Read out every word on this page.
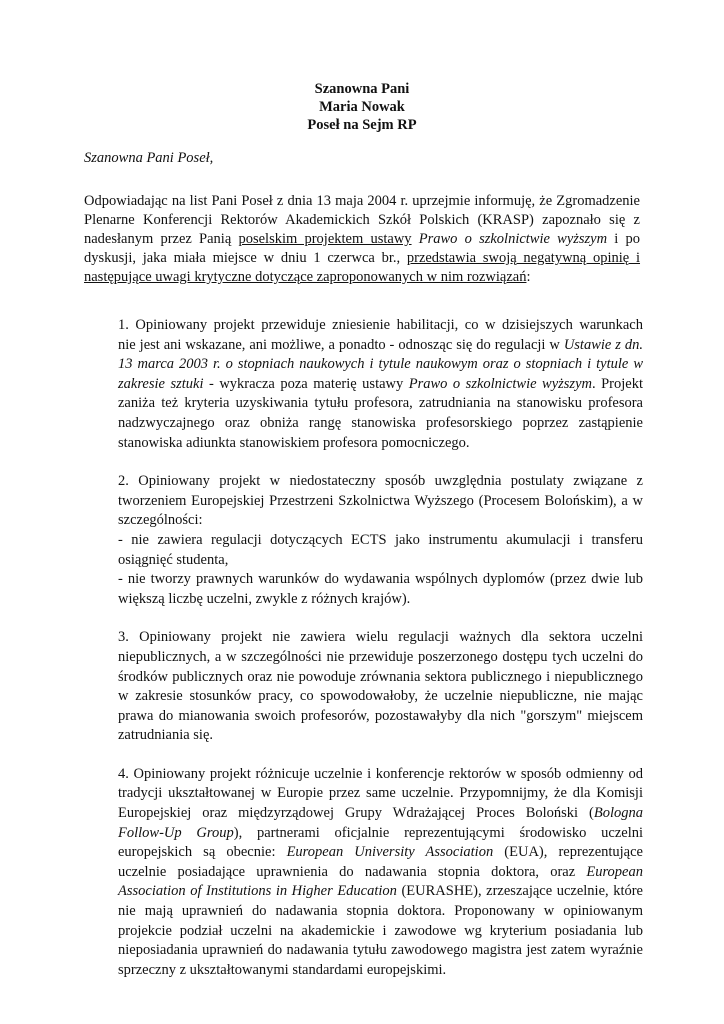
Szanowna Pani
Maria Nowak
Poseł na Sejm RP
Szanowna Pani Poseł,
Odpowiadając na list Pani Poseł z dnia 13 maja 2004 r. uprzejmie informuję, że Zgromadzenie
Plenarne Konferencji Rektorów Akademickich Szkół Polskich (KRASP) zapoznało się z
nadesłanym przez Panią poselskim projektem ustawy Prawo o szkolnictwie wyższym i po
dyskusji, jaka miała miejsce w dniu 1 czerwca br., przedstawia swoją negatywną opinię i
następujące uwagi krytyczne dotyczące zaproponowanych w nim rozwiązań:
1. Opiniowany projekt przewiduje zniesienie habilitacji, co w dzisiejszych warunkach
nie jest ani wskazane, ani możliwe, a ponadto - odnosząc się do regulacji w Ustawie z dn.
13 marca 2003 r. o stopniach naukowych i tytule naukowym oraz o stopniach i tytule w
zakresie sztuki - wykracza poza materię ustawy Prawo o szkolnictwie wyższym. Projekt
zaniża też kryteria uzyskiwania tytułu profesora, zatrudniania na stanowisku profesora
nadzwyczajnego oraz obniża rangę stanowiska profesorskiego poprzez zastąpienie
stanowiska adiunkta stanowiskiem profesora pomocniczego.
2. Opiniowany projekt w niedostateczny sposób uwzględnia postulaty związane z
tworzeniem Europejskiej Przestrzeni Szkolnictwa Wyższego (Procesem Bolońskim), a w
szczególności:
- nie zawiera regulacji dotyczących ECTS jako instrumentu akumulacji i transferu
osiągnięć studenta,
- nie tworzy prawnych warunków do wydawania wspólnych dyplomów (przez dwie lub
większą liczbę uczelni, zwykle z różnych krajów).
3. Opiniowany projekt nie zawiera wielu regulacji ważnych dla sektora uczelni
niepublicznych, a w szczególności nie przewiduje poszerzonego dostępu tych uczelni do
środków publicznych oraz nie powoduje zrównania sektora publicznego i niepublicznego
w zakresie stosunków pracy, co spowodowałoby, że uczelnie niepubliczne, nie mając
prawa do mianowania swoich profesorów, pozostawałyby dla nich "gorszym" miejscem
zatrudniania się.
4. Opiniowany projekt różnicuje uczelnie i konferencje rektorów w sposób odmienny od
tradycji ukształtowanej w Europie przez same uczelnie. Przypomnijmy, że dla Komisji
Europejskiej oraz międzyrządowej Grupy Wdrażającej Proces Boloński (Bologna
Follow-Up Group), partnerami oficjalnie reprezentującymi środowisko uczelni
europejskich są obecnie: European University Association (EUA), reprezentujące
uczelnie posiadające uprawnienia do nadawania stopnia doktora, oraz European
Association of Institutions in Higher Education (EURASHE), zrzeszające uczelnie, które
nie mają uprawnień do nadawania stopnia doktora. Proponowany w opiniowanym
projekcie podział uczelni na akademickie i zawodowe wg kryterium posiadania lub
nieposiadania uprawnień do nadawania tytułu zawodowego magistra jest zatem wyraźnie
sprzeczny z ukształtowanymi standardami europejskimi.
